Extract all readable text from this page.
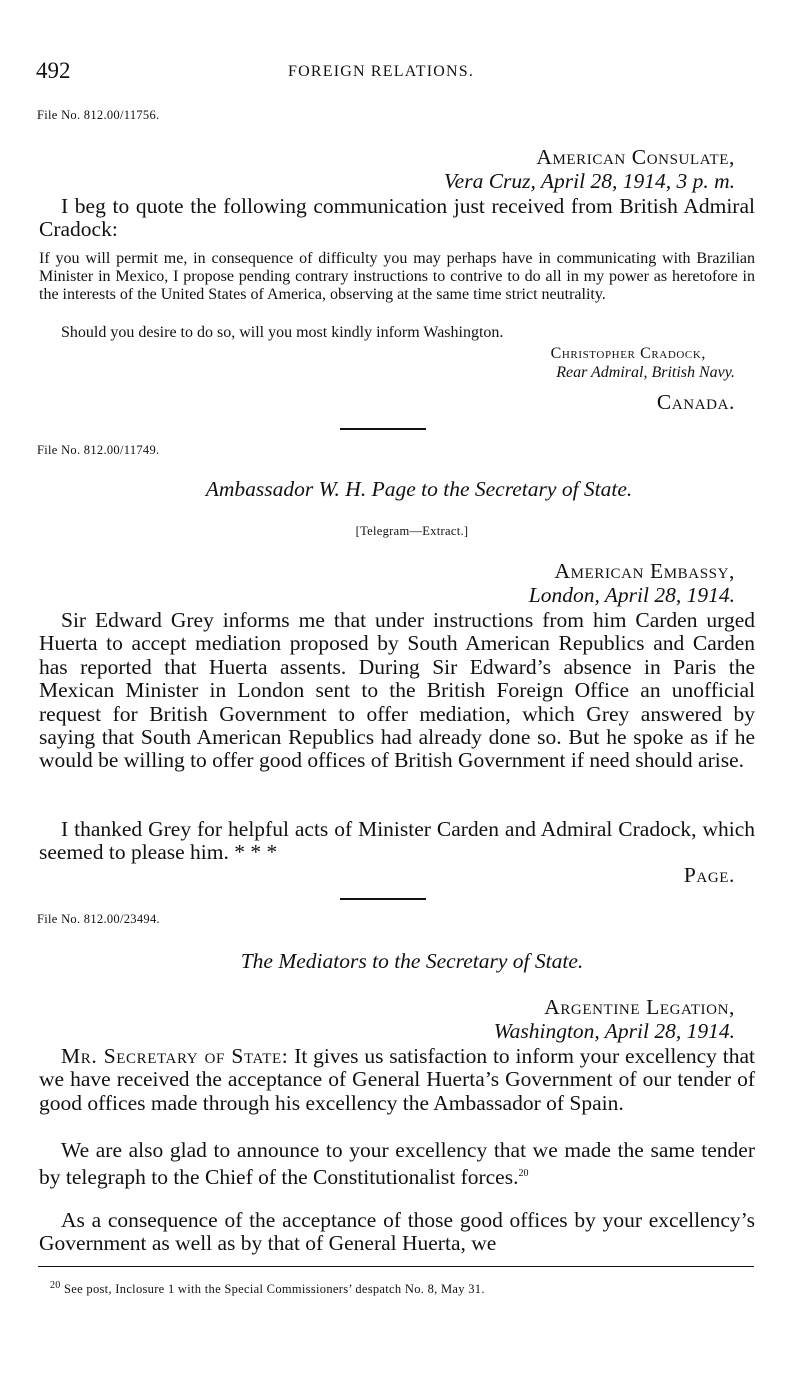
492	FOREIGN RELATIONS.
File No. 812.00/11756.
American Consulate,
Vera Cruz, April 28, 1914, 3 p. m.
I beg to quote the following communication just received from British Admiral Cradock:
If you will permit me, in consequence of difficulty you may perhaps have in communicating with Brazilian Minister in Mexico, I propose pending contrary instructions to contrive to do all in my power as heretofore in the interests of the United States of America, observing at the same time strict neutrality.
Should you desire to do so, will you most kindly inform Washington.
Christopher Cradock,
Rear Admiral, British Navy.
Canada.
File No. 812.00/11749.
Ambassador W. H. Page to the Secretary of State.
[Telegram—Extract.]
American Embassy,
London, April 28, 1914.
Sir Edward Grey informs me that under instructions from him Carden urged Huerta to accept mediation proposed by South American Republics and Carden has reported that Huerta assents. During Sir Edward’s absence in Paris the Mexican Minister in London sent to the British Foreign Office an unofficial request for British Government to offer mediation, which Grey answered by saying that South American Republics had already done so. But he spoke as if he would be willing to offer good offices of British Government if need should arise.
I thanked Grey for helpful acts of Minister Carden and Admiral Cradock, which seemed to please him. * * *
Page.
File No. 812.00/23494.
The Mediators to the Secretary of State.
Argentine Legation,
Washington, April 28, 1914.
Mr. Secretary of State: It gives us satisfaction to inform your excellency that we have received the acceptance of General Huerta’s Government of our tender of good offices made through his excellency the Ambassador of Spain.
We are also glad to announce to your excellency that we made the same tender by telegraph to the Chief of the Constitutionalist forces.$^{20}$
As a consequence of the acceptance of those good offices by your excellency’s Government as well as by that of General Huerta, we
$^{20}$ See post, Inclosure 1 with the Special Commissioners’ despatch No. 8, May 31.
